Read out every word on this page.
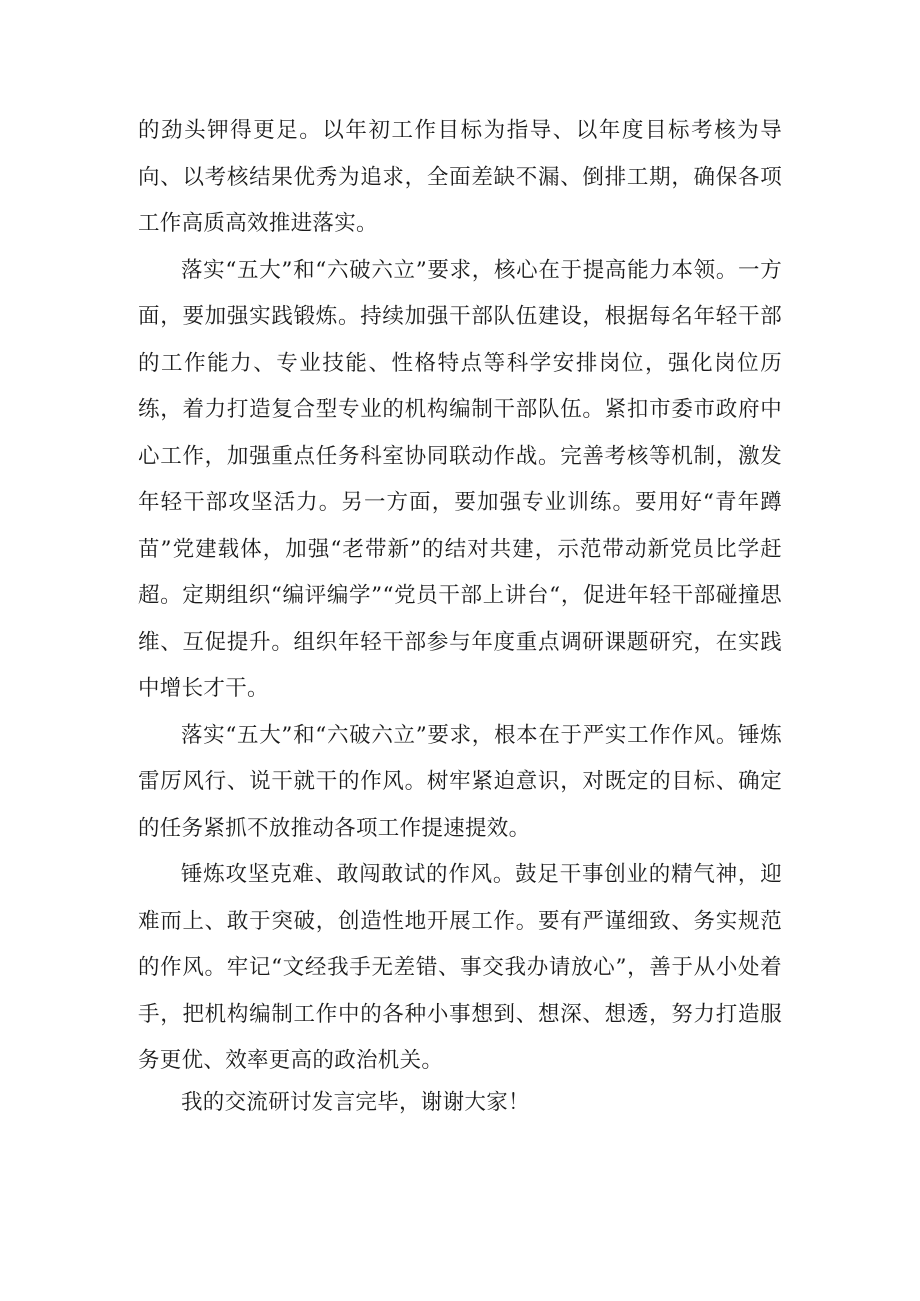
的劲头钾得更足。以年初工作目标为指导、以年度目标考核为导向、以考核结果优秀为追求，全面差缺不漏、倒排工期，确保各项工作高质高效推进落实。

落实“五大”和“六破六立”要求，核心在于提高能力本领。一方面，要加强实践锻炼。持续加强干部队伍建设，根据每名年轻干部的工作能力、专业技能、性格特点等科学安排岗位，强化岗位历练，着力打造复合型专业的机构编制干部队伍。紧扣市委市政府中心工作，加强重点任务科室协同联动作战。完善考核等机制，激发年轻干部攻坚活力。另一方面，要加强专业训练。要用好“青年蹲苗”党建载体，加强“老带新”的结对共建，示范带动新党员比学赶超。定期组织“编评编学”“党员干部上讲台“，促进年轻干部碰撞思维、互促提升。组织年轻干部参与年度重点调研课题研究，在实践中增长才干。

落实“五大”和“六破六立”要求，根本在于严实工作作风。锤炼雷厉风行、说干就干的作风。树牢紧迫意识，对既定的目标、确定的任务紧抓不放推动各项工作提速提效。

锤炼攻坚克难、敢闯敢试的作风。鼓足干事创业的精气神，迎难而上、敢于突破，创造性地开展工作。要有严谨细致、务实规范的作风。牢记“文经我手无差错、事交我办请放心”，善于从小处着手，把机构编制工作中的各种小事想到、想深、想透，努力打造服务更优、效率更高的政治机关。

我的交流研讨发言完毕，谢谢大家！
